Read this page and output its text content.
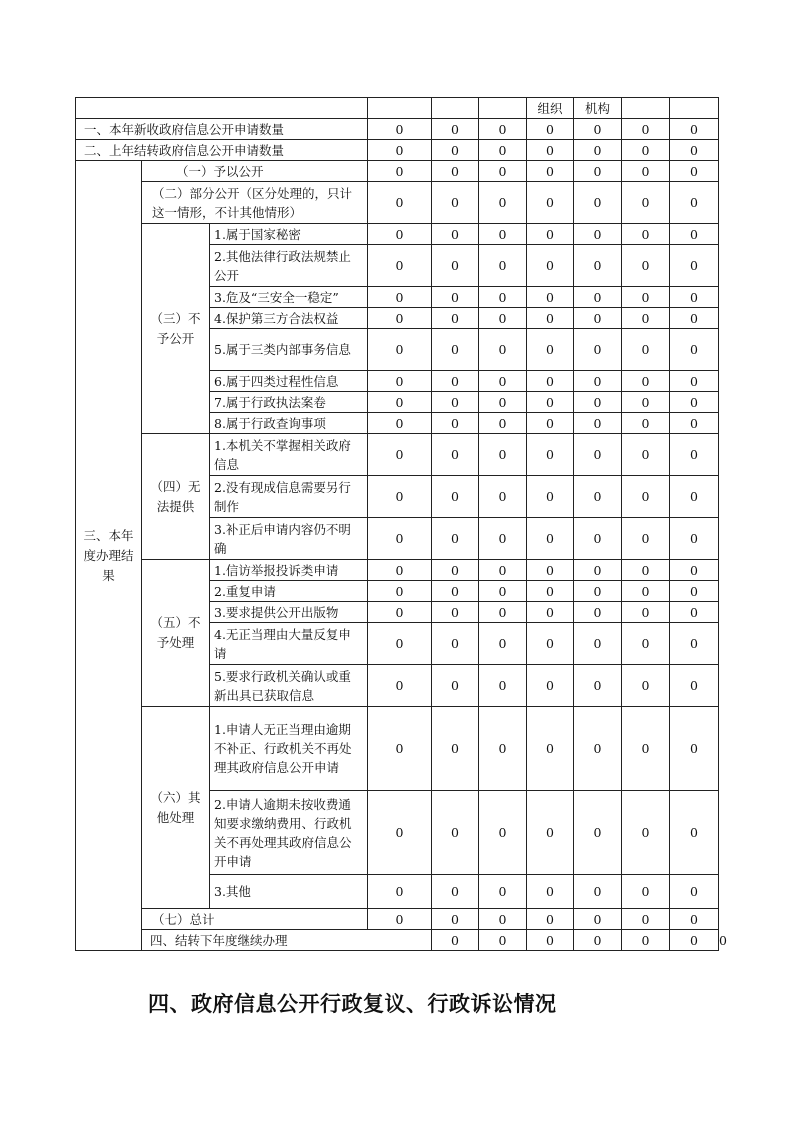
						组织	机构			
一、本年新收政府信息公开申请数量			0	0	0	0	0	0	0	
二、上年结转政府信息公开申请数量			0	0	0	0	0	0	0	
三、本年度办理结果	（一）予以公开		0	0	0	0	0	0	0	
	（二）部分公开（区分处理的，只计这一情形，不计其他情形）		0	0	0	0	0	0	0	
	（三）不予公开	1.属于国家秘密	0	0	0	0	0	0	0	
		2.其他法律行政法规禁止公开	0	0	0	0	0	0	0	
		3.危及“三安全一稳定”	0	0	0	0	0	0	0	
		4.保护第三方合法权益	0	0	0	0	0	0	0	
		5.属于三类内部事务信息	0	0	0	0	0	0	0	
		6.属于四类过程性信息	0	0	0	0	0	0	0	
		7.属于行政执法案卷	0	0	0	0	0	0	0	
		8.属于行政查询事项	0	0	0	0	0	0	0	
	（四）无法提供	1.本机关不掌握相关政府信息	0	0	0	0	0	0	0	
		2.没有现成信息需要另行制作	0	0	0	0	0	0	0	
		3.补正后申请内容仍不明确	0	0	0	0	0	0	0	
	（五）不予处理	1.信访举报投诉类申请	0	0	0	0	0	0	0	
		2.重复申请	0	0	0	0	0	0	0	
		3.要求提供公开出版物	0	0	0	0	0	0	0	
		4.无正当理由大量反复申请	0	0	0	0	0	0	0	
		5.要求行政机关确认或重新出具已获取信息	0	0	0	0	0	0	0	
	（六）其他处理	1.申请人无正当理由逾期不补正、行政机关不再处理其政府信息公开申请	0	0	0	0	0	0	0	
		2.申请人逾期未按收费通知要求缴纳费用、行政机关不再处理其政府信息公开申请	0	0	0	0	0	0	0	
		3.其他	0	0	0	0	0	0	0	
	（七）总计		0	0	0	0	0	0	0	
	四、结转下年度继续办理			0	0	0	0	0	0	0
四、政府信息公开行政复议、行政诉讼情况
